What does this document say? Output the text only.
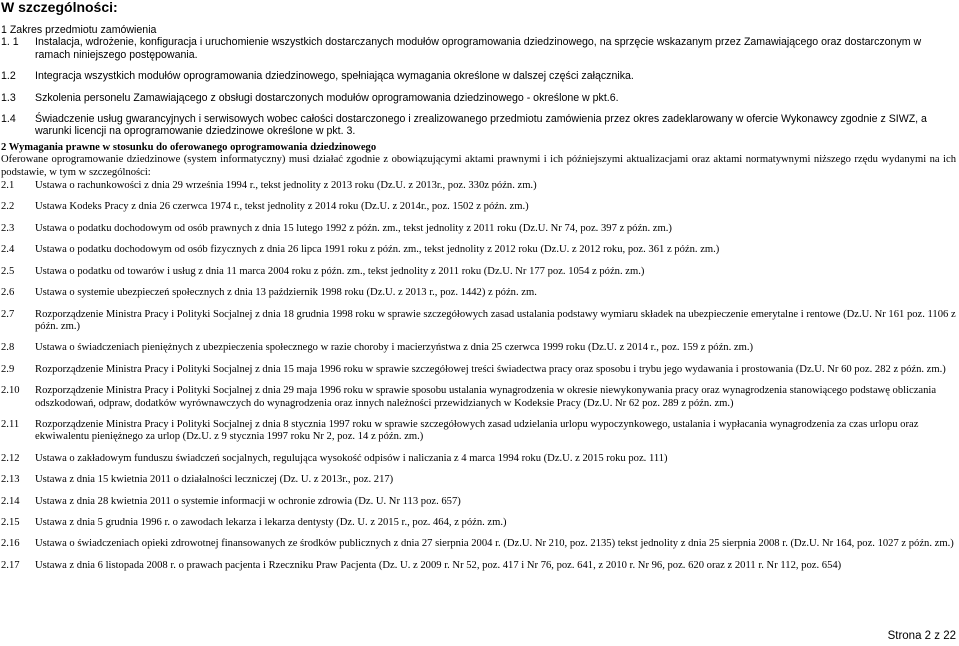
W szczególności:
1 Zakres przedmiotu zamówienia
1. 1	Instalacja, wdrożenie, konfiguracja i uruchomienie wszystkich dostarczanych modułów oprogramowania dziedzinowego, na sprzęcie wskazanym przez Zamawiającego oraz dostarczonym w ramach niniejszego postępowania.
1.2	Integracja wszystkich modułów oprogramowania dziedzinowego, spełniająca wymagania określone w dalszej części załącznika.
1.3	Szkolenia personelu Zamawiającego z obsługi dostarczonych modułów oprogramowania dziedzinowego - określone w pkt.6.
1.4	Świadczenie usług gwarancyjnych i serwisowych wobec całości dostarczonego i zrealizowanego przedmiotu zamówienia przez okres zadeklarowany w ofercie Wykonawcy zgodnie z SIWZ, a warunki licencji na oprogramowanie dziedzinowe określone w pkt. 3.
2 Wymagania prawne w stosunku do oferowanego oprogramowania dziedzinowego
Oferowane oprogramowanie dziedzinowe (system informatyczny) musi działać zgodnie z obowiązującymi aktami prawnymi i ich późniejszymi aktualizacjami oraz aktami normatywnymi niższego rzędu wydanymi na ich podstawie, w tym w szczególności:
2.1	Ustawa o rachunkowości z dnia 29 września 1994 r., tekst jednolity z 2013 roku (Dz.U. z 2013r., poz. 330z późn. zm.)
2.2	Ustawa Kodeks Pracy z dnia 26 czerwca 1974 r., tekst jednolity z 2014 roku (Dz.U. z 2014r., poz. 1502 z późn. zm.)
2.3	Ustawa o podatku dochodowym od osób prawnych z dnia 15 lutego 1992 z późn. zm., tekst jednolity z 2011 roku (Dz.U. Nr 74, poz. 397 z późn. zm.)
2.4	Ustawa o podatku dochodowym od osób fizycznych z dnia 26 lipca 1991 roku z późn. zm., tekst jednolity z 2012 roku (Dz.U. z 2012 roku, poz. 361 z późn. zm.)
2.5	Ustawa o podatku od towarów i usług z dnia 11 marca 2004 roku z późn. zm., tekst jednolity z 2011 roku (Dz.U. Nr 177 poz. 1054 z późn. zm.)
2.6	Ustawa o systemie ubezpieczeń społecznych z dnia 13 październik 1998 roku (Dz.U. z 2013 r., poz. 1442) z późn. zm.
2.7	Rozporządzenie Ministra Pracy i Polityki Socjalnej z dnia 18 grudnia 1998 roku w sprawie szczegółowych zasad ustalania podstawy wymiaru składek na ubezpieczenie emerytalne i rentowe (Dz.U. Nr 161 poz. 1106 z późn. zm.)
2.8	Ustawa o świadczeniach pieniężnych z ubezpieczenia społecznego w razie choroby i macierzyństwa z dnia 25 czerwca 1999 roku (Dz.U. z 2014 r., poz. 159 z późn. zm.)
2.9	Rozporządzenie Ministra Pracy i Polityki Socjalnej z dnia 15 maja 1996 roku w sprawie szczegółowej treści świadectwa pracy oraz sposobu i trybu jego wydawania i prostowania (Dz.U. Nr 60 poz. 282 z późn. zm.)
2.10	Rozporządzenie Ministra Pracy i Polityki Socjalnej z dnia 29 maja 1996 roku w sprawie sposobu ustalania wynagrodzenia w okresie niewykonywania pracy oraz wynagrodzenia stanowiącego podstawę obliczania odszkodowań, odpraw, dodatków wyrównawczych do wynagrodzenia oraz innych należności przewidzianych w Kodeksie Pracy (Dz.U. Nr 62 poz. 289 z późn. zm.)
2.11	Rozporządzenie Ministra Pracy i Polityki Socjalnej z dnia 8 stycznia 1997 roku w sprawie szczegółowych zasad udzielania urlopu wypoczynkowego, ustalania i wypłacania wynagrodzenia za czas urlopu oraz ekwiwalentu pieniężnego za urlop (Dz.U. z 9 stycznia 1997 roku Nr 2, poz. 14 z późn. zm.)
2.12	Ustawa o zakładowym funduszu świadczeń socjalnych, regulująca wysokość odpisów i naliczania z 4 marca 1994 roku (Dz.U. z 2015 roku poz. 111)
2.13	Ustawa z dnia 15 kwietnia 2011 o działalności leczniczej (Dz. U. z 2013r., poz. 217)
2.14	Ustawa z dnia 28 kwietnia 2011 o systemie informacji w ochronie zdrowia (Dz. U. Nr 113 poz. 657)
2.15	Ustawa z dnia 5 grudnia 1996 r. o zawodach lekarza i lekarza dentysty (Dz. U. z 2015 r., poz. 464, z późn. zm.)
2.16	Ustawa o świadczeniach opieki zdrowotnej finansowanych ze środków publicznych z dnia 27 sierpnia 2004 r. (Dz.U. Nr 210, poz. 2135) tekst jednolity z dnia 25 sierpnia 2008 r. (Dz.U. Nr 164, poz. 1027 z późn. zm.)
2.17	Ustawa z dnia 6 listopada 2008 r. o prawach pacjenta i Rzeczniku Praw Pacjenta (Dz. U. z 2009 r. Nr 52, poz. 417 i Nr 76, poz. 641, z 2010 r. Nr 96, poz. 620 oraz z 2011 r. Nr 112, poz. 654)
Strona 2 z 22
